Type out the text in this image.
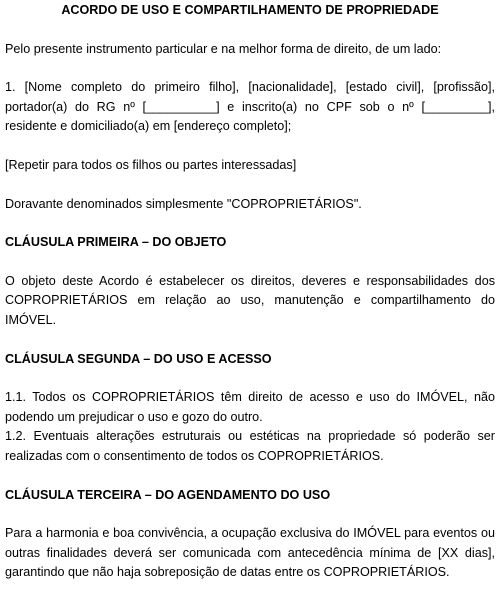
ACORDO DE USO E COMPARTILHAMENTO DE PROPRIEDADE

Pelo presente instrumento particular e na melhor forma de direito, de um lado:

1. [Nome completo do primeiro filho], [nacionalidade], [estado civil], [profissão], portador(a) do RG nº [__________] e inscrito(a) no CPF sob o nº [_________], residente e domiciliado(a) em [endereço completo];

[Repetir para todos os filhos ou partes interessadas]

Doravante denominados simplesmente "COPROPRIETÁRIOS".

CLÁUSULA PRIMEIRA – DO OBJETO

O objeto deste Acordo é estabelecer os direitos, deveres e responsabilidades dos COPROPRIETÁRIOS em relação ao uso, manutenção e compartilhamento do IMÓVEL.

CLÁUSULA SEGUNDA – DO USO E ACESSO

1.1. Todos os COPROPRIETÁRIOS têm direito de acesso e uso do IMÓVEL, não podendo um prejudicar o uso e gozo do outro.

1.2. Eventuais alterações estruturais ou estéticas na propriedade só poderão ser realizadas com o consentimento de todos os COPROPRIETÁRIOS.

CLÁUSULA TERCEIRA – DO AGENDAMENTO DO USO

Para a harmonia e boa convivência, a ocupação exclusiva do IMÓVEL para eventos ou outras finalidades deverá ser comunicada com antecedência mínima de [XX dias], garantindo que não haja sobreposição de datas entre os COPROPRIETÁRIOS.
